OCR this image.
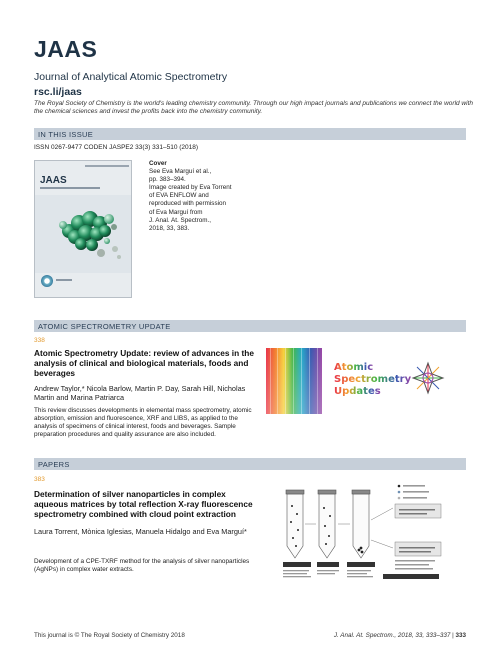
JAAS
Journal of Analytical Atomic Spectrometry
rsc.li/jaas
The Royal Society of Chemistry is the world's leading chemistry community. Through our high impact journals and publications we connect the world with the chemical sciences and invest the profits back into the chemistry community.
IN THIS ISSUE
ISSN 0267-9477 CODEN JASPE2 33(3) 331–510 (2018)
JAAS
Cover
See Eva Marguí et al.,
pp. 383–394.
Image created by Eva Torrent
of EVA ENFLOW and
reproduced with permission
of Eva Marguí from
J. Anal. At. Spectrom.,
2018, 33, 383.
ATOMIC SPECTROMETRY UPDATE
338
Atomic Spectrometry Update: review of advances in the analysis of clinical and biological materials, foods and beverages
Andrew Taylor,* Nicola Barlow, Martin P. Day, Sarah Hill, Nicholas Martin and Marina Patriarca
This review discusses developments in elemental mass spectrometry, atomic absorption, emission and fluorescence, XRF and LIBS, as applied to the analysis of specimens of clinical interest, foods and beverages. Sample preparation procedures and quality assurance are also included.
Atomic
Spectrometry
Updates
PAPERS
383
Determination of silver nanoparticles in complex aqueous matrices by total reflection X-ray fluorescence spectrometry combined with cloud point extraction
Laura Torrent, Mònica Iglesias, Manuela Hidalgo and Eva Marguí*
Development of a CPE-TXRF method for the analysis of silver nanoparticles (AgNPs) in complex water extracts.
This journal is © The Royal Society of Chemistry 2018	J. Anal. At. Spectrom., 2018, 33, 333–337 | 333
